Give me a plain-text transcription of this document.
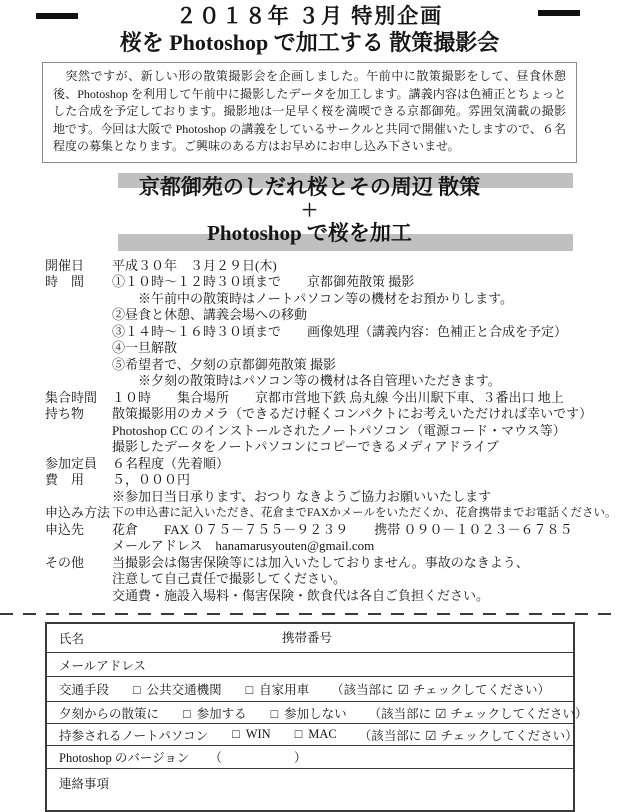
２０１８年 ３月 特別企画
桜を Photoshop で加工する 散策撮影会
　突然ですが、新しい形の散策撮影会を企画しました。午前中に散策撮影をして、昼食休憩後、Photoshop を利用して午前中に撮影したデータを加工します。講義内容は色補正とちょっとした合成を予定しております。撮影地は一足早く桜を満喫できる京都御苑。雰囲気満載の撮影地です。今回は大阪で Photoshop の講義をしているサークルと共同で開催いたしますので、６名程度の募集となります。ご興味のある方はお早めにお申し込み下さいませ。
京都御苑のしだれ桜とその周辺 散策
＋
Photoshop で桜を加工
開催日	平成３０年　３月２９日(木)
時　間	①１０時～１２時３０頃まで　　京都御苑散策 撮影
　　※午前中の散策時はノートパソコン等の機材をお預かりします。
②昼食と休憩、講義会場への移動
③１４時～１６時３０頃まで　　画像処理（講義内容：色補正と合成を予定）
④一旦解散
⑤希望者で、夕刻の京都御苑散策 撮影
　　※夕刻の散策時はパソコン等の機材は各自管理いただきます。
集合時間	１０時　　集合場所　　京都市営地下鉄 烏丸線 今出川駅下車、３番出口 地上
持ち物	散策撮影用のカメラ（できるだけ軽くコンパクトにお考えいただければ幸いです）
Photoshop CC のインストールされたノートパソコン（電源コード・マウス等）
撮影したデータをノートパソコンにコピーできるメディアドライブ
参加定員	６名程度（先着順）
費　用	５，０００円
※参加日当日承ります、おつり なきようご協力お願いいたします
申込み方法 下の申込書に記入いただき、花倉までFAXかメールをいただくか、花倉携帯までお電話ください。
申込先	花倉　　FAX ０７５－７５５－９２３９　　携帯 ０９０－１０２３－６７８５
メールアドレス　hanamarusyouten@gmail.com
その他	当撮影会は傷害保険等には加入いたしておりません。事故のなきよう、
注意して自己責任で撮影してください。
交通費・施設入場料・傷害保険・飲食代は各自ご負担ください。
氏名	携帯番号
メールアドレス
交通手段 □ 公共交通機関 □ 自家用車 （該当部に ☑ チェックしてください）
夕刻からの散策に □ 参加する □ 参加しない （該当部に ☑ チェックしてください）
持参されるノートパソコン □ WIN □ MAC （該当部に ☑ チェックしてください）
Photoshop のバージョン （	）
連絡事項
